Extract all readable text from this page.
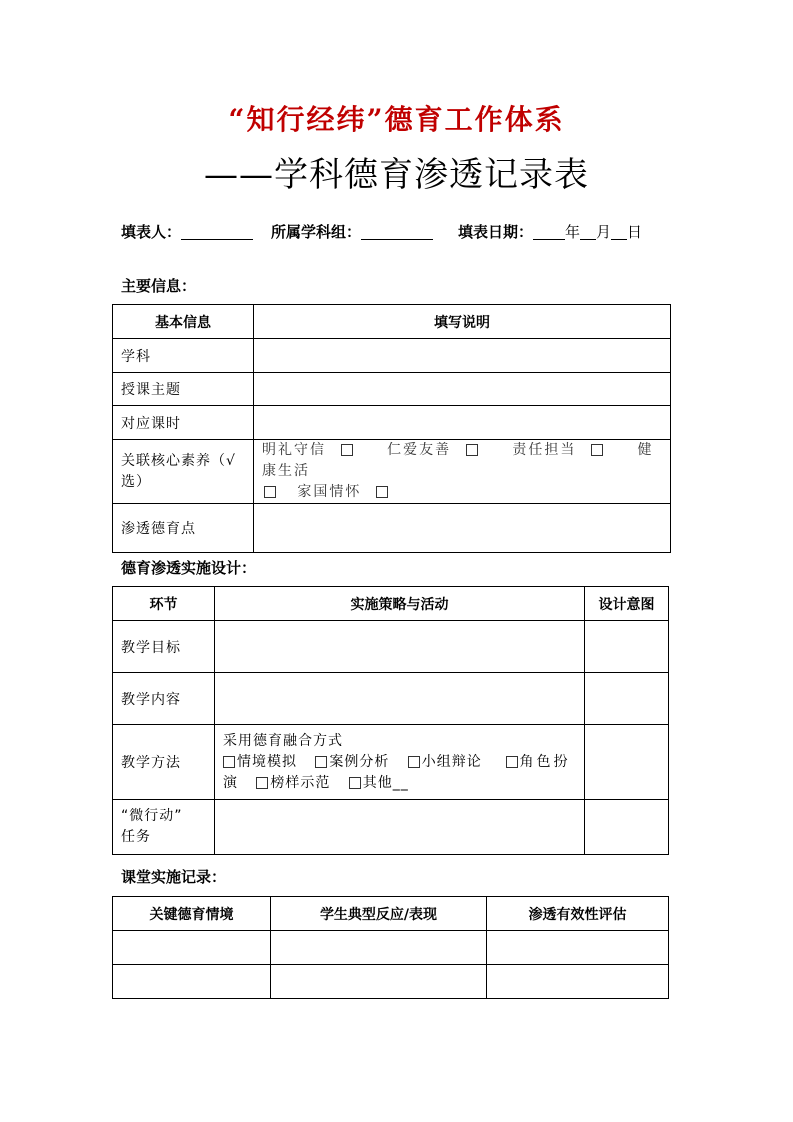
“知行经纬”德育工作体系
——学科德育渗透记录表
填表人：	所属学科组：	填表日期： 年 月 日
主要信息：
基本信息	填写说明
学科	
授课主题	
对应课时	
关联核心素养（√
选）	明礼守信 仁爱友善 责任担当 健康生活
家国情怀
渗透德育点	
德育渗透实施设计：
环节	实施策略与活动	设计意图
教学目标		
教学内容		
教学方法	采用德育融合方式
情境模拟 案例分析 小组辩论 角色扮
演 榜样示范 其他__	
“微行动”
任务		
课堂实施记录：
关键德育情境	学生典型反应/表现	渗透有效性评估
